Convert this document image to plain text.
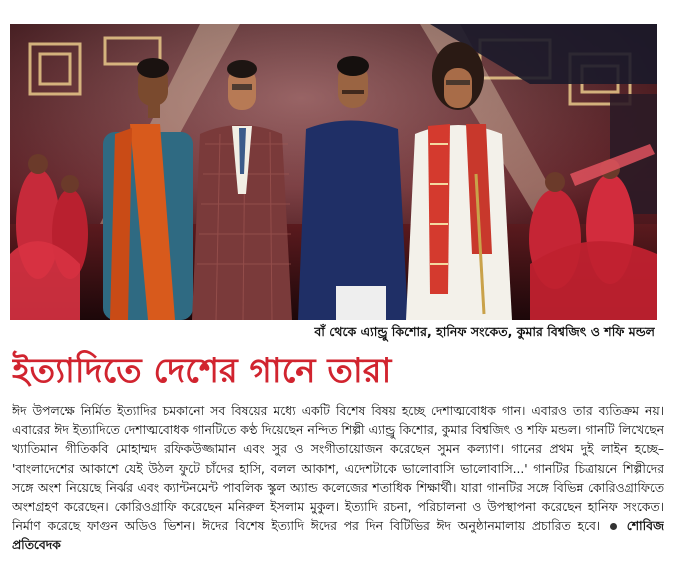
বাঁ থেকে এ্যান্ড্রু কিশোর, হানিফ সংকেত, কুমার বিশ্বজিৎ ও শফি মন্ডল
ইত্যাদিতে দেশের গানে তারা
ঈদ উপলক্ষে নির্মিত ইত্যাদির চমকানো সব বিষয়ের মধ্যে একটি বিশেষ বিষয় হচ্ছে দেশাত্মবোধক গান। এবারও তার ব্যতিক্রম নয়। এবারের ঈদ ইত্যাদিতে দেশাত্মবোধক গানটিতে কণ্ঠ দিয়েছেন নন্দিত শিল্পী এ্যান্ড্রু কিশোর, কুমার বিশ্বজিৎ ও শফি মন্ডল। গানটি লিখেছেন খ্যাতিমান গীতিকবি মোহাম্মদ রফিকউজ্জামান এবং সুর ও সংগীতায়োজন করেছেন সুমন কল্যাণ। গানের প্রথম দুই লাইন হচ্ছে– 'বাংলাদেশের আকাশে যেই উঠল ফুটে চাঁদের হাসি, বলল আকাশ, এদেশটাকে ভালোবাসি ভালোবাসি...' গানটির চিত্রায়নে শিল্পীদের সঙ্গে অংশ নিয়েছে নির্ঝর এবং ক্যান্টনমেন্ট পাবলিক স্কুল অ্যান্ড কলেজের শতাধিক শিক্ষার্থী। যারা গানটির সঙ্গে বিভিন্ন কোরিওগ্রাফিতে অংশগ্রহণ করেছেন। কোরিওগ্রাফি করেছেন মনিরুল ইসলাম মুকুল। ইত্যাদি রচনা, পরিচালনা ও উপস্থাপনা করেছেন হানিফ সংকেত। নির্মাণ করেছে ফাগুন অডিও ভিশন। ঈদের বিশেষ ইত্যাদি ঈদের পর দিন বিটিভির ঈদ অনুষ্ঠানমালায় প্রচারিত হবে। শোবিজ প্রতিবেদক
